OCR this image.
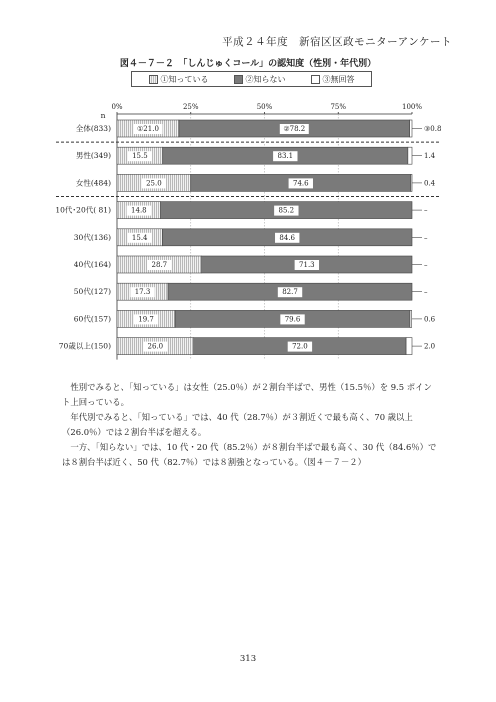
平成２４年度　新宿区区政モニターアンケート
図４－７－２　「しんじゅくコール」の認知度（性別・年代別）
①知っている	②知らない	③無回答
0%	25%	50%	75%	100%
n
全体(833)	①21.0	②78.2	③0.8
男性(349)	15.5	83.1	1.4
女性(484)	25.0	74.6	0.4
10代･20代( 81)	14.8	85.2	–
30代(136)	15.4	84.6	–
40代(164)	28.7	71.3	–
50代(127)	17.3	82.7	–
60代(157)	19.7	79.6	0.6
70歳以上(150)	26.0	72.0	2.0

性別でみると、「知っている」は女性（25.0％）が２割台半ばで、男性（15.5％）を 9.5 ポイント上回っている。

年代別でみると、「知っている」では、40 代（28.7％）が３割近くで最も高く、70 歳以上（26.0％）では２割台半ばを超える。

一方、「知らない」では、10 代・20 代（85.2％）が８割台半ばで最も高く、30 代（84.6％）では８割台半ば近く、50 代（82.7％）では８割強となっている。（図４－７－２）

313
